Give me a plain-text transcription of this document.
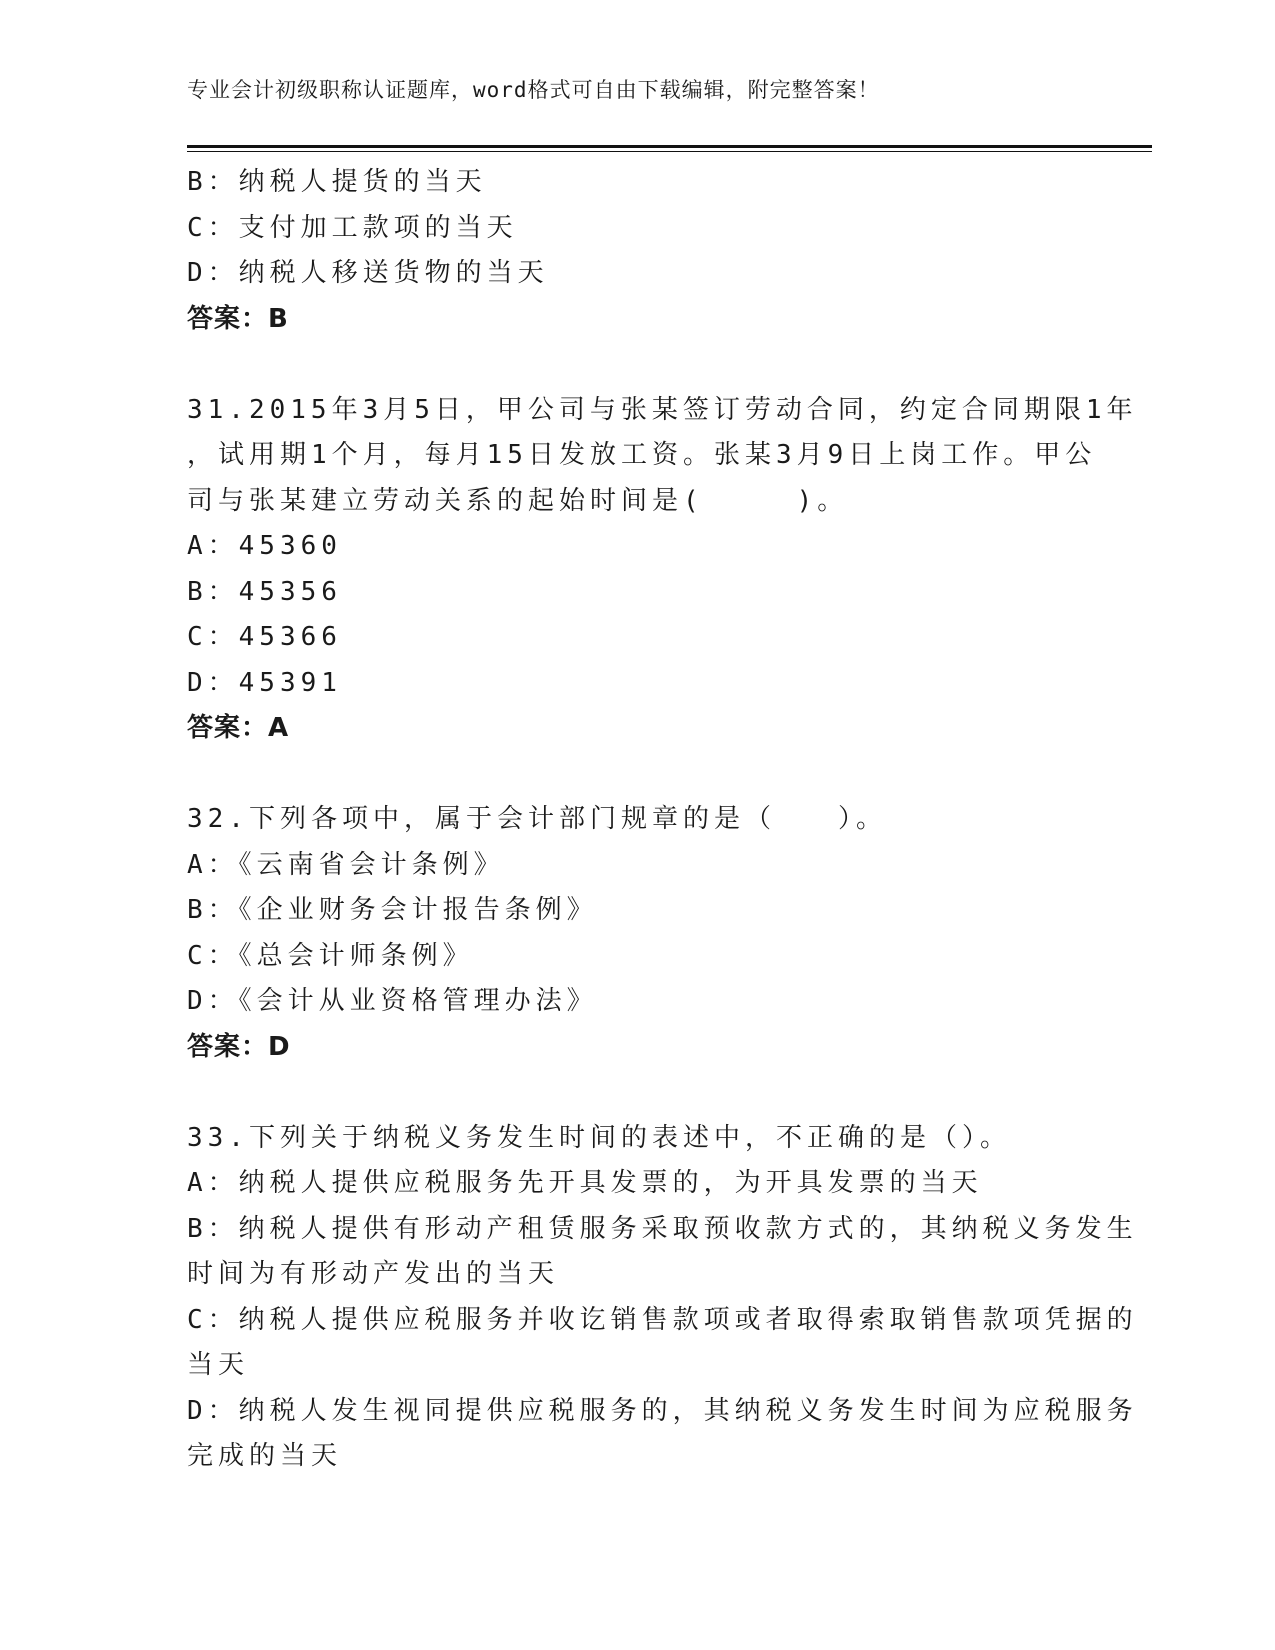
专业会计初级职称认证题库，word格式可自由下载编辑，附完整答案！
B：纳税人提货的当天
C：支付加工款项的当天
D：纳税人移送货物的当天
答案：B
31.2015年3月5日，甲公司与张某签订劳动合同，约定合同期限1年
，试用期1个月，每月15日发放工资。张某3月9日上岗工作。甲公
司与张某建立劳动关系的起始时间是(　　　)。
A：45360
B：45356
C：45366
D：45391
答案：A
32.下列各项中，属于会计部门规章的是（　　）。
A：《云南省会计条例》
B：《企业财务会计报告条例》
C：《总会计师条例》
D：《会计从业资格管理办法》
答案：D
33.下列关于纳税义务发生时间的表述中，不正确的是（）。
A：纳税人提供应税服务先开具发票的，为开具发票的当天
B：纳税人提供有形动产租赁服务采取预收款方式的，其纳税义务发生
时间为有形动产发出的当天
C：纳税人提供应税服务并收讫销售款项或者取得索取销售款项凭据的
当天
D：纳税人发生视同提供应税服务的，其纳税义务发生时间为应税服务
完成的当天
